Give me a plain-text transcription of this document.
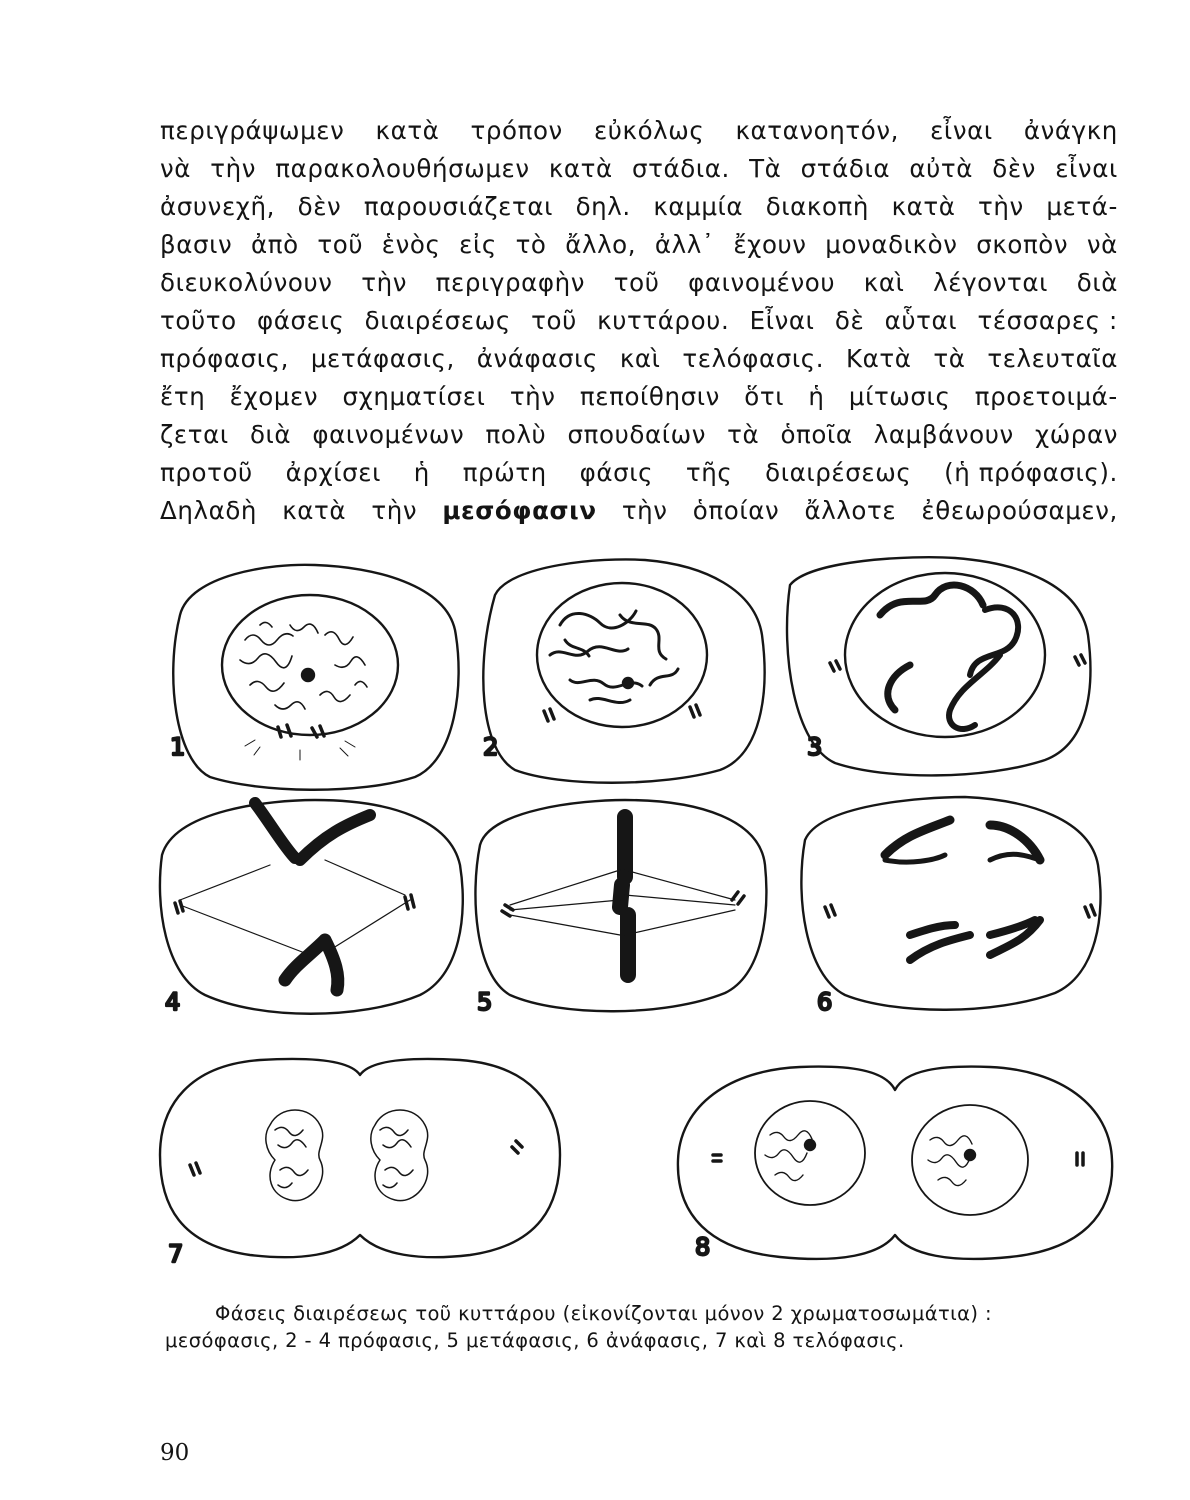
περιγράψωμεν κατὰ τρόπον εὐκόλως κατανοητόν, εἶναι ἀνάγκη
νὰ τὴν παρακολουθήσωμεν κατὰ στάδια. Τὰ στάδια αὐτὰ δὲν εἶναι
ἀσυνεχῆ, δὲν παρουσιάζεται δηλ. καμμία διακοπὴ κατὰ τὴν μετά-
βασιν ἀπὸ τοῦ ἑνὸς εἰς τὸ ἄλλο, ἀλλ᾽ ἔχουν μοναδικὸν σκοπὸν νὰ
διευκολύνουν τὴν περιγραφὴν τοῦ φαινομένου καὶ λέγονται διὰ
τοῦτο φάσεις διαιρέσεως τοῦ κυττάρου. Εἶναι δὲ αὗται τέσσαρες :
πρόφασις, μετάφασις, ἀνάφασις καὶ τελόφασις. Κατὰ τὰ τελευταῖα
ἔτη ἔχομεν σχηματίσει τὴν πεποίθησιν ὅτι ἡ μίτωσις προετοιμά-
ζεται διὰ φαινομένων πολὺ σπουδαίων τὰ ὁποῖα λαμβάνουν χώραν
προτοῦ ἀρχίσει ἡ πρώτη φάσις τῆς διαιρέσεως (ἡ πρόφασις).
Δηλαδὴ κατὰ τὴν μεσόφασιν τὴν ὁποίαν ἄλλοτε ἐθεωρούσαμεν,
1	2	3
4	5	6
7	8
Φάσεις διαιρέσεως τοῦ κυττάρου (εἰκονίζονται μόνον 2 χρωματοσωμάτια) :
μεσόφασις, 2 - 4 πρόφασις, 5 μετάφασις, 6 ἀνάφασις, 7 καὶ 8 τελόφασις.
90
